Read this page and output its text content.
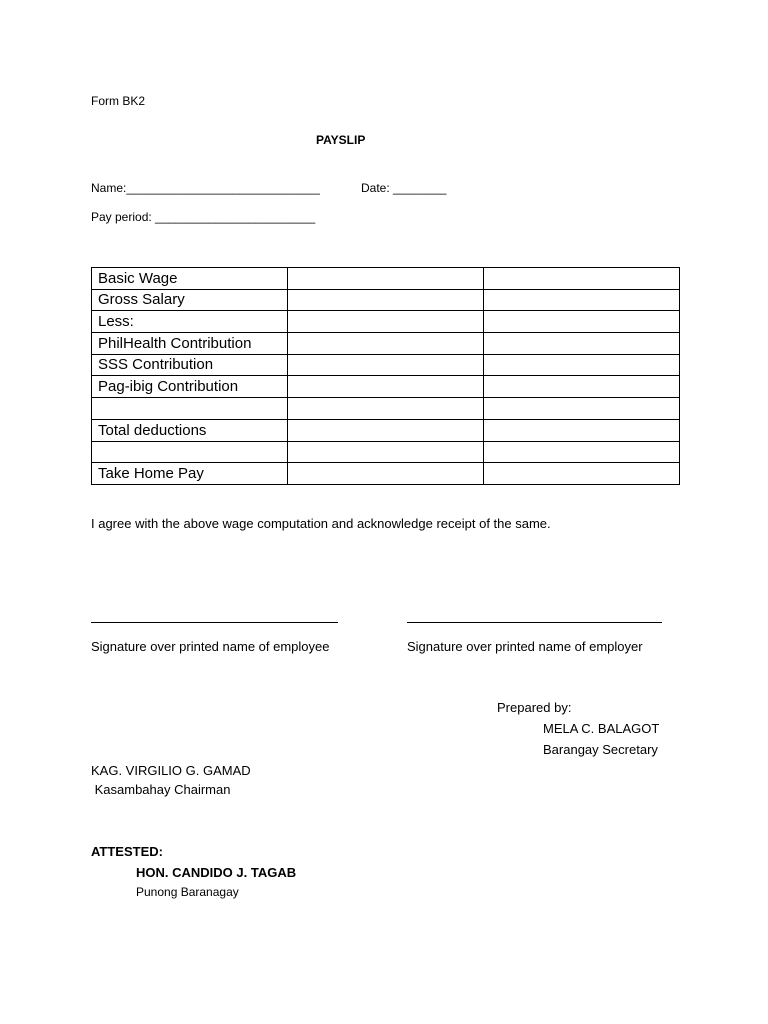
Form BK2
PAYSLIP
Name:_____________________________	Date: ________
Pay period: ________________________
Basic Wage		
Gross Salary		
Less:		
PhilHealth Contribution		
SSS Contribution		
Pag-ibig Contribution		

Total deductions		

Take Home Pay		
I agree with the above wage computation and acknowledge receipt of the same.
Signature over printed name of employee	Signature over printed name of employer
Prepared by:
MELA C. BALAGOT
Barangay Secretary
KAG. VIRGILIO G. GAMAD
Kasambahay Chairman
ATTESTED:
HON. CANDIDO J. TAGAB
Punong Baranagay
